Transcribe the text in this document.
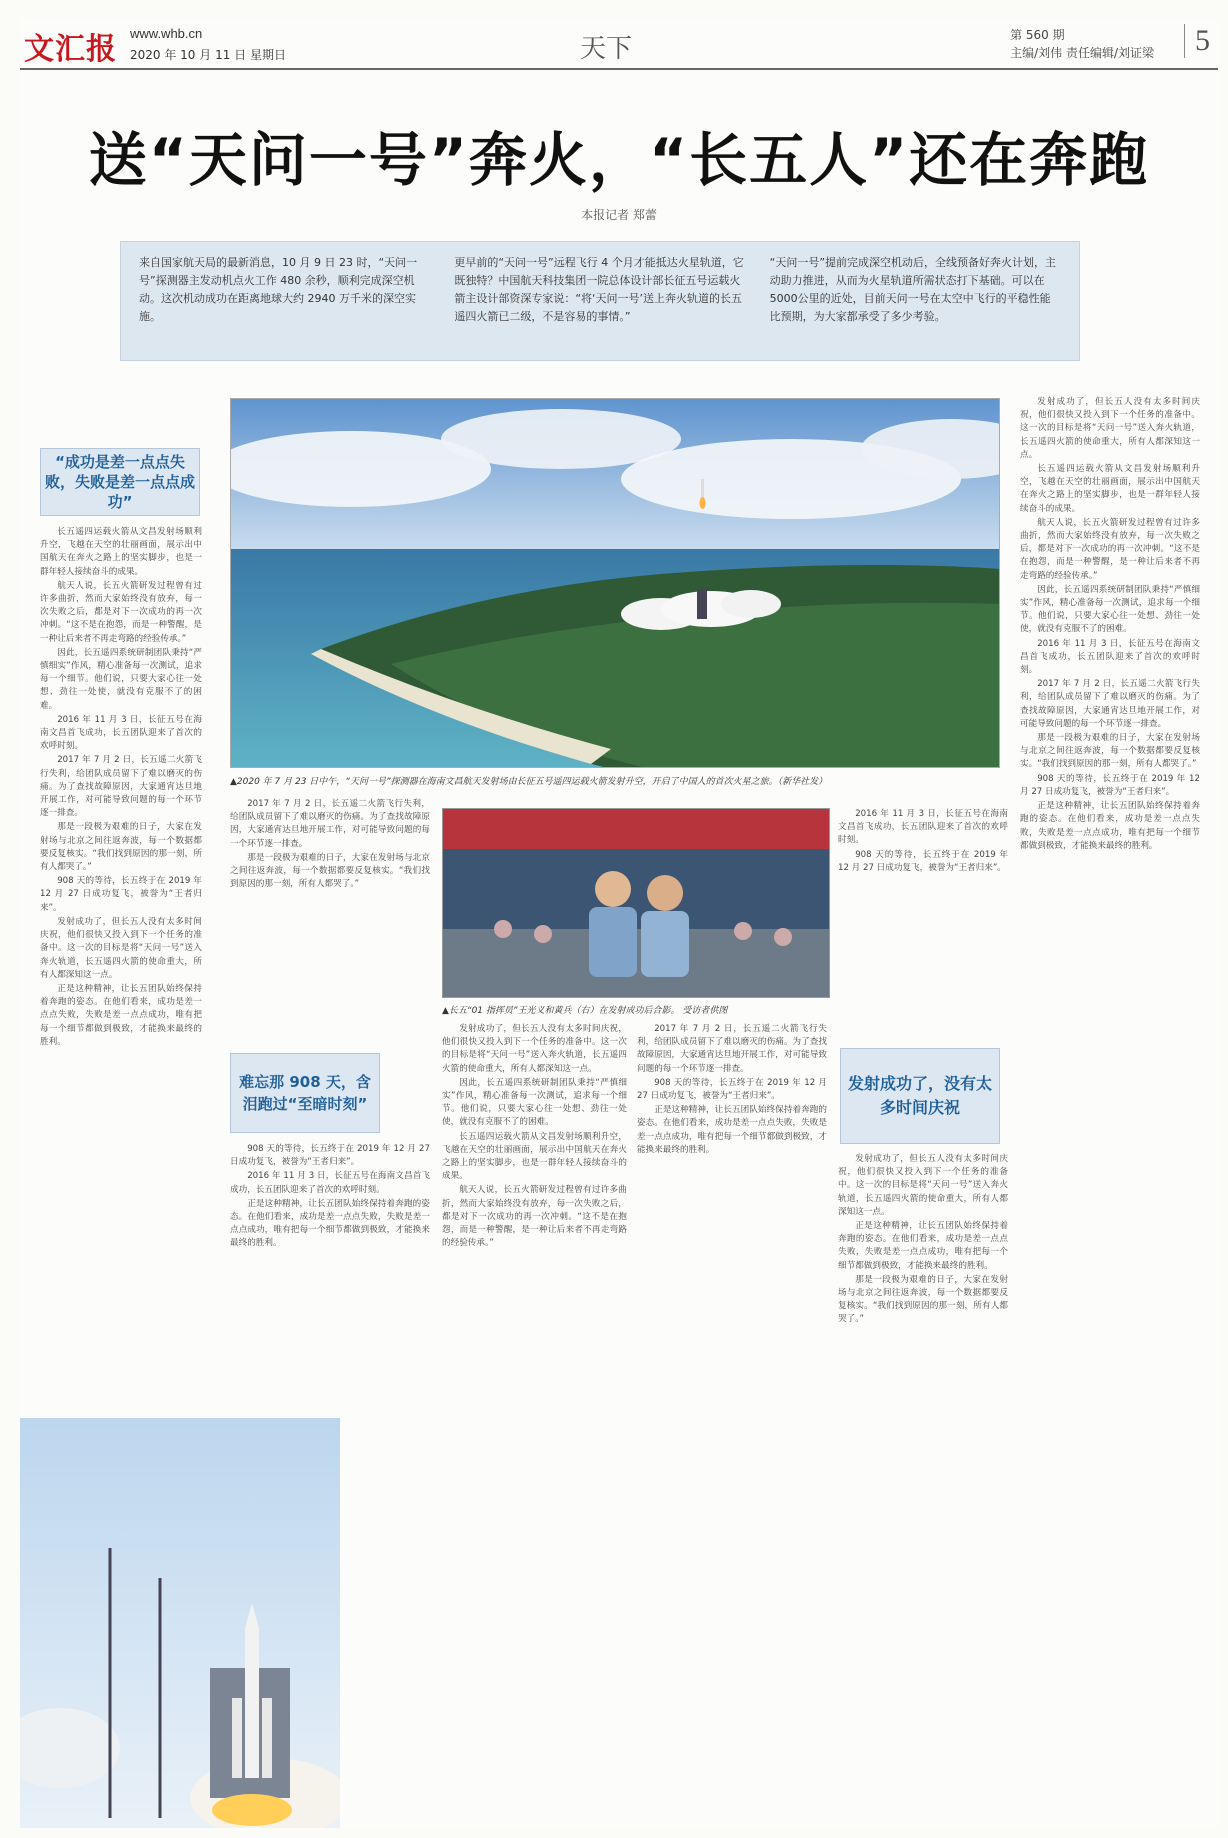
文汇报 www.whb.cn
2020 年 10 月 11 日 星期日	天下	第 560 期
主编/刘伟 责任编辑/刘证梁	5
送“天问一号”奔火，“长五人”还在奔跑
本报记者 郑蕾

来自国家航天局的最新消息，10 月 9 日 23 时，“天问一号”探测器主发动机点火工作 480 余秒，顺利完成深空机动。这次机动成功在距离地球大约 2940 万千米的深空实施。

更早前的“天问一号”远程飞行 4 个月才能抵达火星轨道，它既独特？中国航天科技集团一院总体设计部长征五号运载火箭主设计部资深专家说：“将‘天问一号’送上奔火轨道的长五遥四火箭已二级，不是容易的事情。”

“天问一号”提前完成深空机动后，全线预备好奔火计划，主动助力推进，从而为火星轨道所需状态打下基础。可以在5000公里的近处，目前天问一号在太空中飞行的平稳性能比预期，为大家都承受了多少考验。

“成功是差一点点失败，失败是差一点点成功”

长五遥四运载火箭从文昌发射场顺利升空，飞越在天空的壮丽画面，展示出中国航天在奔火之路上的坚实脚步，也是一群年轻人接续奋斗的成果。

航天人说，长五火箭研发过程曾有过许多曲折，然而大家始终没有放弃，每一次失败之后，都是对下一次成功的再一次冲刺。“这不是在抱怨，而是一种警醒，是一种让后来者不再走弯路的经验传承。”

因此，长五遥四系统研制团队秉持“严慎细实”作风，精心准备每一次测试，追求每一个细节。他们说，只要大家心往一处想、劲往一处使，就没有克服不了的困难。

2016 年 11 月 3 日，长征五号在海南文昌首飞成功，长五团队迎来了首次的欢呼时刻。

2017 年 7 月 2 日，长五遥二火箭飞行失利，给团队成员留下了难以磨灭的伤痛。为了查找故障原因，大家通宵达旦地开展工作，对可能导致问题的每一个环节逐一排查。

那是一段极为艰难的日子，大家在发射场与北京之间往返奔波，每一个数据都要反复核实。“我们找到原因的那一刻，所有人都哭了。”

908 天的等待，长五终于在 2019 年 12 月 27 日成功复飞，被誉为“王者归来”。

发射成功了，但长五人没有太多时间庆祝，他们很快又投入到下一个任务的准备中。这一次的目标是将“天问一号”送入奔火轨道，长五遥四火箭的使命重大，所有人都深知这一点。

正是这种精神，让长五团队始终保持着奔跑的姿态。在他们看来，成功是差一点点失败，失败是差一点点成功，唯有把每一个细节都做到极致，才能换来最终的胜利。

▲2020 年 7 月 23 日中午，“天问一号”探测器在海南文昌航天发射场由长征五号遥四运载火箭发射升空，开启了中国人的首次火星之旅。（新华社发）

2017 年 7 月 2 日，长五遥二火箭飞行失利，给团队成员留下了难以磨灭的伤痛。为了查找故障原因，大家通宵达旦地开展工作，对可能导致问题的每一个环节逐一排查。

那是一段极为艰难的日子，大家在发射场与北京之间往返奔波，每一个数据都要反复核实。“我们找到原因的那一刻，所有人都哭了。”

难忘那 908 天，含泪跑过“至暗时刻”

908 天的等待，长五终于在 2019 年 12 月 27 日成功复飞，被誉为“王者归来”。

2016 年 11 月 3 日，长征五号在海南文昌首飞成功，长五团队迎来了首次的欢呼时刻。

正是这种精神，让长五团队始终保持着奔跑的姿态。在他们看来，成功是差一点点失败，失败是差一点点成功，唯有把每一个细节都做到极致，才能换来最终的胜利。

▲长五“01 指挥员”王光义和黄兵（右）在发射成功后合影。 受访者供图

发射成功了，但长五人没有太多时间庆祝，他们很快又投入到下一个任务的准备中。这一次的目标是将“天问一号”送入奔火轨道，长五遥四火箭的使命重大，所有人都深知这一点。

因此，长五遥四系统研制团队秉持“严慎细实”作风，精心准备每一次测试，追求每一个细节。他们说，只要大家心往一处想、劲往一处使，就没有克服不了的困难。

长五遥四运载火箭从文昌发射场顺利升空，飞越在天空的壮丽画面，展示出中国航天在奔火之路上的坚实脚步，也是一群年轻人接续奋斗的成果。

航天人说，长五火箭研发过程曾有过许多曲折，然而大家始终没有放弃，每一次失败之后，都是对下一次成功的再一次冲刺。“这不是在抱怨，而是一种警醒，是一种让后来者不再走弯路的经验传承。”

2017 年 7 月 2 日，长五遥二火箭飞行失利，给团队成员留下了难以磨灭的伤痛。为了查找故障原因，大家通宵达旦地开展工作，对可能导致问题的每一个环节逐一排查。

908 天的等待，长五终于在 2019 年 12 月 27 日成功复飞，被誉为“王者归来”。

正是这种精神，让长五团队始终保持着奔跑的姿态。在他们看来，成功是差一点点失败，失败是差一点点成功，唯有把每一个细节都做到极致，才能换来最终的胜利。

2016 年 11 月 3 日，长征五号在海南文昌首飞成功，长五团队迎来了首次的欢呼时刻。

908 天的等待，长五终于在 2019 年 12 月 27 日成功复飞，被誉为“王者归来”。

发射成功了，没有太多时间庆祝

发射成功了，但长五人没有太多时间庆祝，他们很快又投入到下一个任务的准备中。这一次的目标是将“天问一号”送入奔火轨道，长五遥四火箭的使命重大，所有人都深知这一点。

正是这种精神，让长五团队始终保持着奔跑的姿态。在他们看来，成功是差一点点失败，失败是差一点点成功，唯有把每一个细节都做到极致，才能换来最终的胜利。

那是一段极为艰难的日子，大家在发射场与北京之间往返奔波，每一个数据都要反复核实。“我们找到原因的那一刻，所有人都哭了。”

发射成功了，但长五人没有太多时间庆祝，他们很快又投入到下一个任务的准备中。这一次的目标是将“天问一号”送入奔火轨道，长五遥四火箭的使命重大，所有人都深知这一点。

长五遥四运载火箭从文昌发射场顺利升空，飞越在天空的壮丽画面，展示出中国航天在奔火之路上的坚实脚步，也是一群年轻人接续奋斗的成果。

航天人说，长五火箭研发过程曾有过许多曲折，然而大家始终没有放弃，每一次失败之后，都是对下一次成功的再一次冲刺。“这不是在抱怨，而是一种警醒，是一种让后来者不再走弯路的经验传承。”

因此，长五遥四系统研制团队秉持“严慎细实”作风，精心准备每一次测试，追求每一个细节。他们说，只要大家心往一处想、劲往一处使，就没有克服不了的困难。

2016 年 11 月 3 日，长征五号在海南文昌首飞成功，长五团队迎来了首次的欢呼时刻。

2017 年 7 月 2 日，长五遥二火箭飞行失利，给团队成员留下了难以磨灭的伤痛。为了查找故障原因，大家通宵达旦地开展工作，对可能导致问题的每一个环节逐一排查。

那是一段极为艰难的日子，大家在发射场与北京之间往返奔波，每一个数据都要反复核实。“我们找到原因的那一刻，所有人都哭了。”

908 天的等待，长五终于在 2019 年 12 月 27 日成功复飞，被誉为“王者归来”。

正是这种精神，让长五团队始终保持着奔跑的姿态。在他们看来，成功是差一点点失败，失败是差一点点成功，唯有把每一个细节都做到极致，才能换来最终的胜利。
